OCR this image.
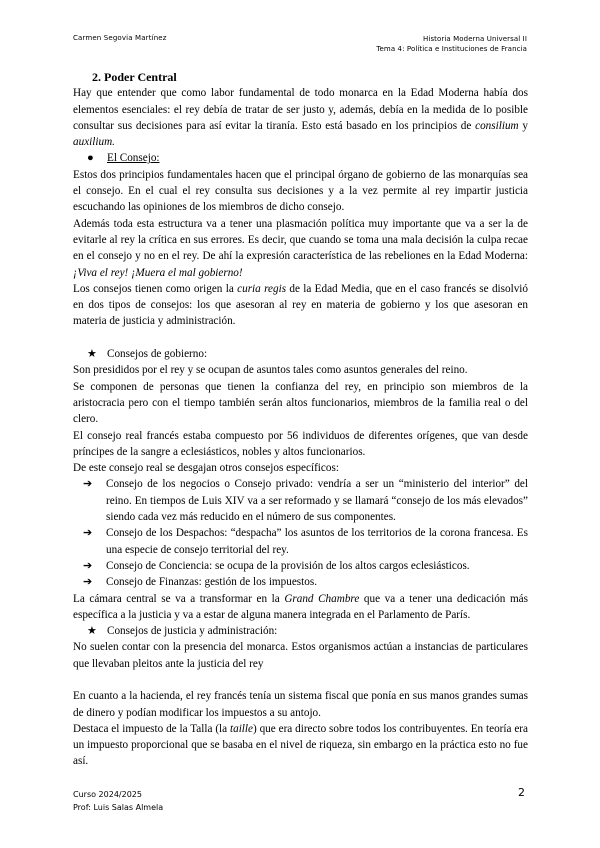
Carmen Segovia Martínez	Historia Moderna Universal II
Tema 4: Política e Instituciones de Francia

2. Poder Central

Hay que entender que como labor fundamental de todo monarca en la Edad Moderna había dos elementos esenciales: el rey debía de tratar de ser justo y, además, debía en la medida de lo posible consultar sus decisiones para así evitar la tiranía. Esto está basado en los principios de consilium y auxilium.

● El Consejo:

Estos dos principios fundamentales hacen que el principal órgano de gobierno de las monarquías sea el consejo. En el cual el rey consulta sus decisiones y a la vez permite al rey impartir justicia escuchando las opiniones de los miembros de dicho consejo.

Además toda esta estructura va a tener una plasmación política muy importante que va a ser la de evitarle al rey la crítica en sus errores. Es decir, que cuando se toma una mala decisión la culpa recae en el consejo y no en el rey. De ahí la expresión característica de las rebeliones en la Edad Moderna: ¡Viva el rey! ¡Muera el mal gobierno!

Los consejos tienen como origen la curia regis de la Edad Media, que en el caso francés se disolvió en dos tipos de consejos: los que asesoran al rey en materia de gobierno y los que asesoran en materia de justicia y administración.

★ Consejos de gobierno:

Son presididos por el rey y se ocupan de asuntos tales como asuntos generales del reino.

Se componen de personas que tienen la confianza del rey, en principio son miembros de la aristocracia pero con el tiempo también serán altos funcionarios, miembros de la familia real o del clero.

El consejo real francés estaba compuesto por 56 individuos de diferentes orígenes, que van desde príncipes de la sangre a eclesiásticos, nobles y altos funcionarios.

De este consejo real se desgajan otros consejos específicos:

➔ Consejo de los negocios o Consejo privado: vendría a ser un “ministerio del interior” del reino. En tiempos de Luis XIV va a ser reformado y se llamará “consejo de los más elevados” siendo cada vez más reducido en el número de sus componentes.

➔ Consejo de los Despachos: “despacha” los asuntos de los territorios de la corona francesa. Es una especie de consejo territorial del rey.

➔ Consejo de Conciencia: se ocupa de la provisión de los altos cargos eclesiásticos.

➔ Consejo de Finanzas: gestión de los impuestos.

La cámara central se va a transformar en la Grand Chambre que va a tener una dedicación más específica a la justicia y va a estar de alguna manera integrada en el Parlamento de París.

★ Consejos de justicia y administración:

No suelen contar con la presencia del monarca. Estos organismos actúan a instancias de particulares que llevaban pleitos ante la justicia del rey

En cuanto a la hacienda, el rey francés tenía un sistema fiscal que ponía en sus manos grandes sumas de dinero y podían modificar los impuestos a su antojo.

Destaca el impuesto de la Talla (la taille) que era directo sobre todos los contribuyentes. En teoría era un impuesto proporcional que se basaba en el nivel de riqueza, sin embargo en la práctica esto no fue así.

Curso 2024/2025
Prof: Luis Salas Almela
2
